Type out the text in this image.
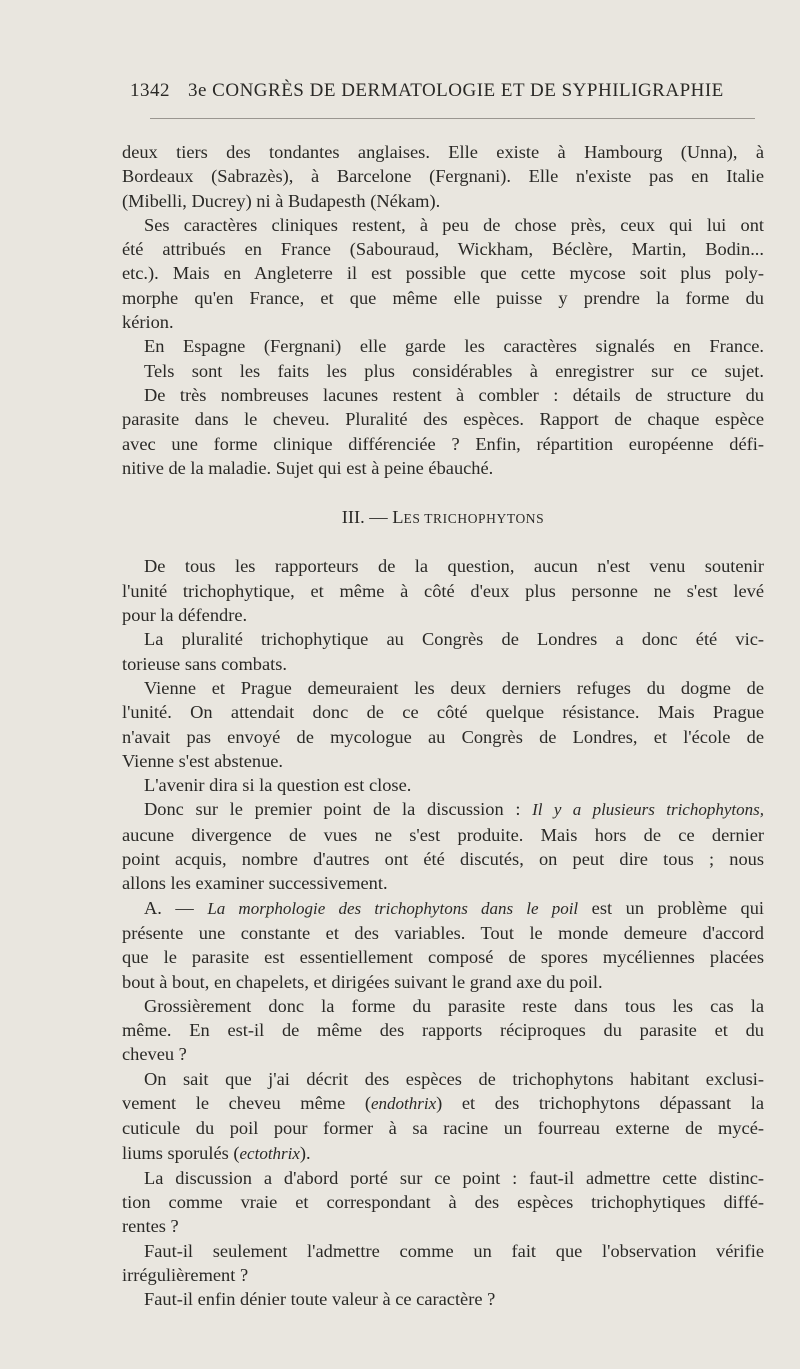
1342 3e CONGRÈS DE DERMATOLOGIE ET DE SYPHILIGRAPHIE

deux tiers des tondantes anglaises. Elle existe à Hambourg (Unna), à

Bordeaux (Sabrazès), à Barcelone (Fergnani). Elle n'existe pas en Italie

(Mibelli, Ducrey) ni à Budapesth (Nékam).

Ses caractères cliniques restent, à peu de chose près, ceux qui lui ont

été attribués en France (Sabouraud, Wickham, Béclère, Martin, Bodin...

etc.). Mais en Angleterre il est possible que cette mycose soit plus poly-

morphe qu'en France, et que même elle puisse y prendre la forme du

kérion.

En Espagne (Fergnani) elle garde les caractères signalés en France.

Tels sont les faits les plus considérables à enregistrer sur ce sujet.

De très nombreuses lacunes restent à combler : détails de structure du

parasite dans le cheveu. Pluralité des espèces. Rapport de chaque espèce

avec une forme clinique différenciée ? Enfin, répartition européenne défi-

nitive de la maladie. Sujet qui est à peine ébauché.

III. — LES TRICHOPHYTONS

De tous les rapporteurs de la question, aucun n'est venu soutenir

l'unité trichophytique, et même à côté d'eux plus personne ne s'est levé

pour la défendre.

La pluralité trichophytique au Congrès de Londres a donc été vic-

torieuse sans combats.

Vienne et Prague demeuraient les deux derniers refuges du dogme de

l'unité. On attendait donc de ce côté quelque résistance. Mais Prague

n'avait pas envoyé de mycologue au Congrès de Londres, et l'école de

Vienne s'est abstenue.

L'avenir dira si la question est close.

Donc sur le premier point de la discussion : Il y a plusieurs trichophytons,

aucune divergence de vues ne s'est produite. Mais hors de ce dernier

point acquis, nombre d'autres ont été discutés, on peut dire tous ; nous

allons les examiner successivement.

A. — La morphologie des trichophytons dans le poil est un problème qui

présente une constante et des variables. Tout le monde demeure d'accord

que le parasite est essentiellement composé de spores mycéliennes placées

bout à bout, en chapelets, et dirigées suivant le grand axe du poil.

Grossièrement donc la forme du parasite reste dans tous les cas la

même. En est-il de même des rapports réciproques du parasite et du

cheveu ?

On sait que j'ai décrit des espèces de trichophytons habitant exclusi-

vement le cheveu même (endothrix) et des trichophytons dépassant la

cuticule du poil pour former à sa racine un fourreau externe de mycé-

liums sporulés (ectothrix).

La discussion a d'abord porté sur ce point : faut-il admettre cette distinc-

tion comme vraie et correspondant à des espèces trichophytiques diffé-

rentes ?

Faut-il seulement l'admettre comme un fait que l'observation vérifie

irrégulièrement ?

Faut-il enfin dénier toute valeur à ce caractère ?
